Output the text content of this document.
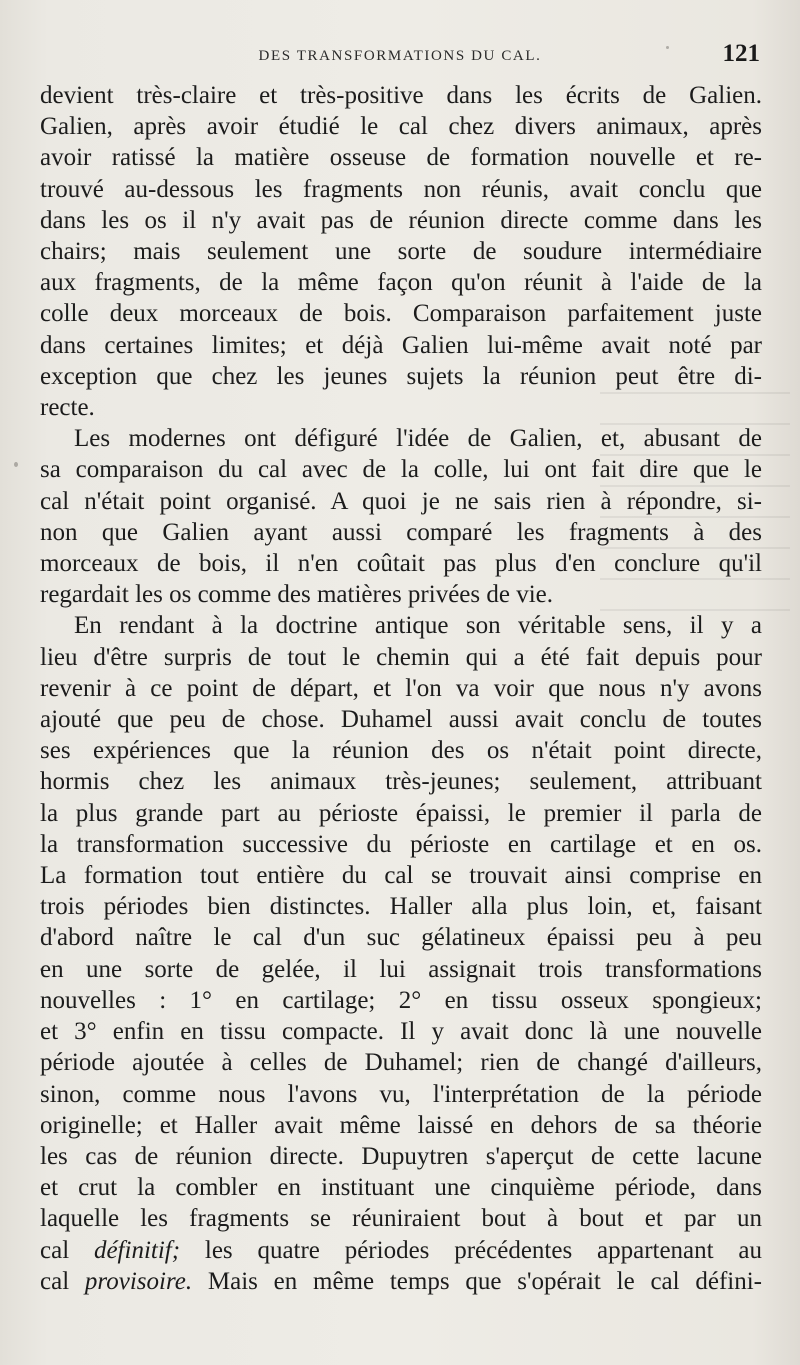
DES TRANSFORMATIONS DU CAL.	121
devient très-claire et très-positive dans les écrits de Galien.
Galien, après avoir étudié le cal chez divers animaux, après
avoir ratissé la matière osseuse de formation nouvelle et re-
trouvé au-dessous les fragments non réunis, avait conclu que
dans les os il n'y avait pas de réunion directe comme dans les
chairs; mais seulement une sorte de soudure intermédiaire
aux fragments, de la même façon qu'on réunit à l'aide de la
colle deux morceaux de bois. Comparaison parfaitement juste
dans certaines limites; et déjà Galien lui-même avait noté par
exception que chez les jeunes sujets la réunion peut être di-
recte.
Les modernes ont défiguré l'idée de Galien, et, abusant de
sa comparaison du cal avec de la colle, lui ont fait dire que le
cal n'était point organisé. A quoi je ne sais rien à répondre, si-
non que Galien ayant aussi comparé les fragments à des
morceaux de bois, il n'en coûtait pas plus d'en conclure qu'il
regardait les os comme des matières privées de vie.
En rendant à la doctrine antique son véritable sens, il y a
lieu d'être surpris de tout le chemin qui a été fait depuis pour
revenir à ce point de départ, et l'on va voir que nous n'y avons
ajouté que peu de chose. Duhamel aussi avait conclu de toutes
ses expériences que la réunion des os n'était point directe,
hormis chez les animaux très-jeunes; seulement, attribuant
la plus grande part au périoste épaissi, le premier il parla de
la transformation successive du périoste en cartilage et en os.
La formation tout entière du cal se trouvait ainsi comprise en
trois périodes bien distinctes. Haller alla plus loin, et, faisant
d'abord naître le cal d'un suc gélatineux épaissi peu à peu
en une sorte de gelée, il lui assignait trois transformations
nouvelles : 1° en cartilage; 2° en tissu osseux spongieux;
et 3° enfin en tissu compacte. Il y avait donc là une nouvelle
période ajoutée à celles de Duhamel; rien de changé d'ailleurs,
sinon, comme nous l'avons vu, l'interprétation de la période
originelle; et Haller avait même laissé en dehors de sa théorie
les cas de réunion directe. Dupuytren s'aperçut de cette lacune
et crut la combler en instituant une cinquième période, dans
laquelle les fragments se réuniraient bout à bout et par un
cal définitif; les quatre périodes précédentes appartenant au
cal provisoire. Mais en même temps que s'opérait le cal défini-
